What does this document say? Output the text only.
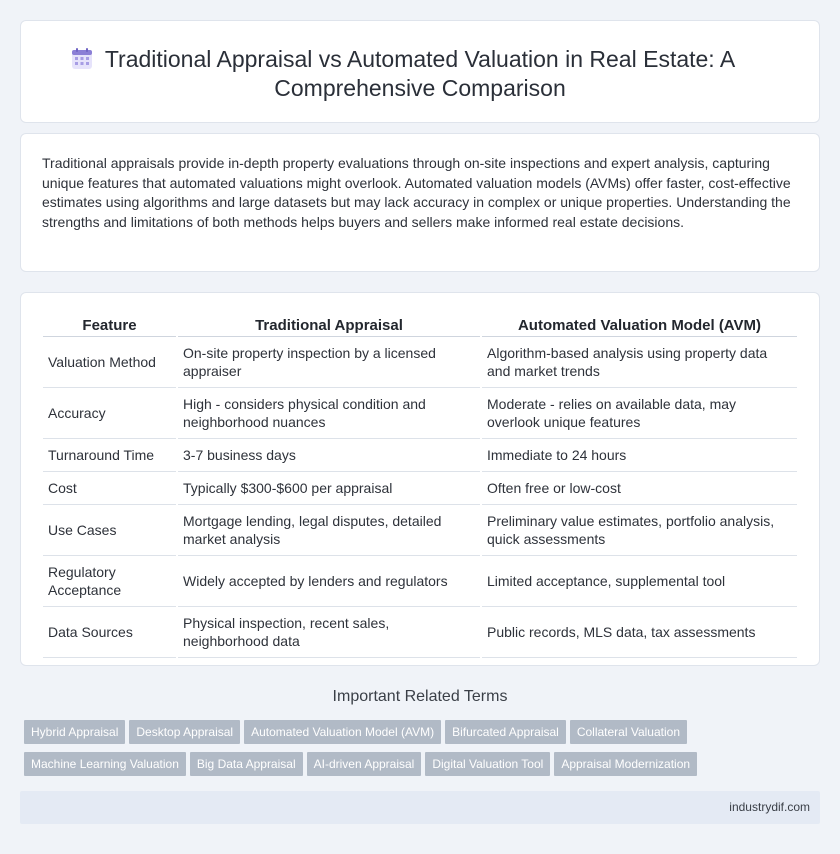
Traditional Appraisal vs Automated Valuation in Real Estate: A Comprehensive Comparison
Traditional appraisals provide in-depth property evaluations through on-site inspections and expert analysis, capturing unique features that automated valuations might overlook. Automated valuation models (AVMs) offer faster, cost-effective estimates using algorithms and large datasets but may lack accuracy in complex or unique properties. Understanding the strengths and limitations of both methods helps buyers and sellers make informed real estate decisions.
Feature	Traditional Appraisal	Automated Valuation Model (AVM)
Valuation Method	On-site property inspection by a licensed appraiser	Algorithm-based analysis using property data and market trends
Accuracy	High - considers physical condition and neighborhood nuances	Moderate - relies on available data, may overlook unique features
Turnaround Time	3-7 business days	Immediate to 24 hours
Cost	Typically $300-$600 per appraisal	Often free or low-cost
Use Cases	Mortgage lending, legal disputes, detailed market analysis	Preliminary value estimates, portfolio analysis, quick assessments
Regulatory Acceptance	Widely accepted by lenders and regulators	Limited acceptance, supplemental tool
Data Sources	Physical inspection, recent sales, neighborhood data	Public records, MLS data, tax assessments
Important Related Terms
Hybrid Appraisal Desktop Appraisal Automated Valuation Model (AVM) Bifurcated Appraisal Collateral Valuation
Machine Learning Valuation Big Data Appraisal AI-driven Appraisal Digital Valuation Tool Appraisal Modernization
industrydif.com
